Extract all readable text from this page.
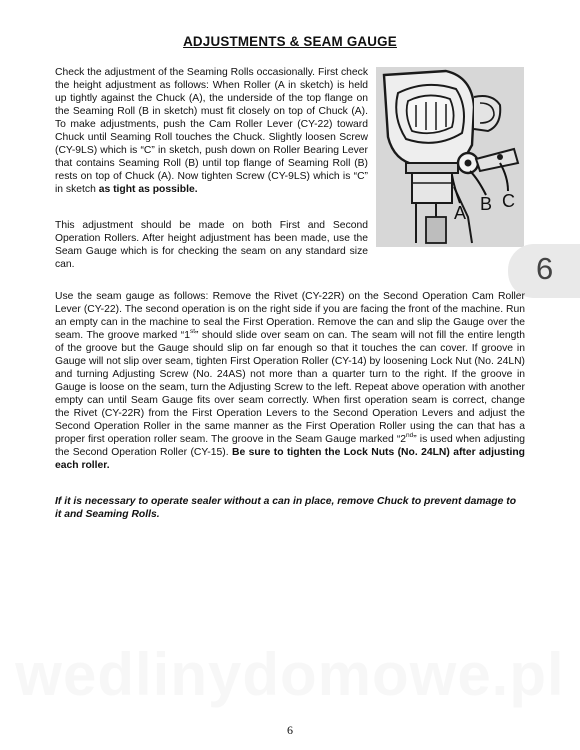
ADJUSTMENTS & SEAM GAUGE

Check the adjustment of the Seaming Rolls occasionally. First check the height adjustment as follows: When Roller (A in sketch) is held up tightly against the Chuck (A), the underside of the top flange on the Seaming Roll (B in sketch) must fit closely on top of Chuck (A). To make adjustments, push the Cam Roller Lever (CY-22) toward Chuck until Seaming Roll touches the Chuck. Slightly loosen Screw (CY-9LS) which is “C” in sketch, push down on Roller Bearing Lever that contains Seaming Roll (B) until top flange of Seaming Roll (B) rests on top of Chuck (A). Now tighten Screw (CY-9LS) which is “C” in sketch as tight as possible.

This adjustment should be made on both First and Second Operation Rollers. After height adjustment has been made, use the Seam Gauge which is for checking the seam on any standard size can.

A B C
6

Use the seam gauge as follows: Remove the Rivet (CY-22R) on the Second Operation Cam Roller Lever (CY-22). The second operation is on the right side if you are facing the front of the machine. Run an empty can in the machine to seal the First Operation. Remove the can and slip the Gauge over the seam. The groove marked “1st” should slide over seam on can. The seam will not fill the entire length of the groove but the Gauge should slip on far enough so that it touches the can cover. If groove in Gauge will not slip over seam, tighten First Operation Roller (CY-14) by loosening Lock Nut (No. 24LN) and turning Adjusting Screw (No. 24AS) not more than a quarter turn to the right. If the groove in Gauge is loose on the seam, turn the Adjusting Screw to the left. Repeat above operation with another empty can until Seam Gauge fits over seam correctly. When first operation seam is correct, change the Rivet (CY-22R) from the First Operation Levers to the Second Operation Levers and adjust the Second Operation Roller in the same manner as the First Operation Roller using the can that has a proper first operation roller seam. The groove in the Seam Gauge marked “2nd” is used when adjusting the Second Operation Roller (CY-15). Be sure to tighten the Lock Nuts (No. 24LN) after adjusting each roller.

If it is necessary to operate sealer without a can in place, remove Chuck to prevent damage to it and Seaming Rolls.

wedlinydomowe.pl
6
